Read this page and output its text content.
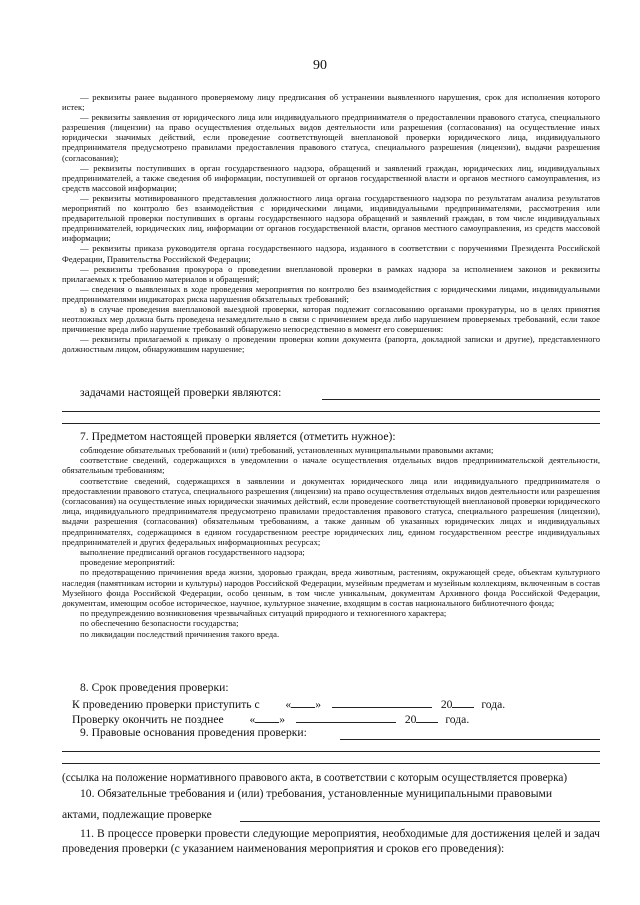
90

— реквизиты ранее выданного проверяемому лицу предписания об устранении выявленного нарушения, срок для исполнения которого истек;

— реквизиты заявления от юридического лица или индивидуального предпринимателя о предоставлении правового статуса, специального разрешения (лицензии) на право осуществления отдельных видов деятельности или разрешения (согласования) на осуществление иных юридически значимых действий, если проведение соответствующей внеплановой проверки юридического лица, индивидуального предпринимателя предусмотрено правилами предоставления правового статуса, специального разрешения (лицензии), выдачи разрешения (согласования);

— реквизиты поступивших в орган государственного надзора, обращений и заявлений граждан, юридических лиц, индивидуальных предпринимателей, а также сведения об информации, поступившей от органов государственной власти и органов местного самоуправления, из средств массовой информации;

— реквизиты мотивированного представления должностного лица органа государственного надзора по результатам анализа результатов мероприятий по контролю без взаимодействия с юридическими лицами, индивидуальными предпринимателями, рассмотрения или предварительной проверки поступивших в органы государственного надзора обращений и заявлений граждан, в том числе индивидуальных предпринимателей, юридических лиц, информации от органов государственной власти, органов местного самоуправления, из средств массовой информации;

— реквизиты приказа руководителя органа государственного надзора, изданного в соответствии с поручениями Президента Российской Федерации, Правительства Российской Федерации;

— реквизиты требования прокурора о проведении внеплановой проверки в рамках надзора за исполнением законов и реквизиты прилагаемых к требованию материалов и обращений;

— сведения о выявленных в ходе проведения мероприятия по контролю без взаимодействия с юридическими лицами, индивидуальными предпринимателями индикаторах риска нарушения обязательных требований;

в) в случае проведения внеплановой выездной проверки, которая подлежит согласованию органами прокуратуры, но в целях принятия неотложных мер должна быть проведена незамедлительно в связи с причинением вреда либо нарушением проверяемых требований, если такое причинение вреда либо нарушение требований обнаружено непосредственно в момент его совершения:

— реквизиты прилагаемой к приказу о проведении проверки копии документа (рапорта, докладной записки и другие), представленного должностным лицом, обнаружившим нарушение;

задачами настоящей проверки являются:
7. Предметом настоящей проверки является (отметить нужное):

соблюдение обязательных требований и (или) требований, установленных муниципальными правовыми актами;

соответствие сведений, содержащихся в уведомлении о начале осуществления отдельных видов предпринимательской деятельности, обязательным требованиям;

соответствие сведений, содержащихся в заявлении и документах юридического лица или индивидуального предпринимателя о предоставлении правового статуса, специального разрешения (лицензии) на право осуществления отдельных видов деятельности или разрешения (согласования) на осуществление иных юридически значимых действий, если проведение соответствующей внеплановой проверки юридического лица, индивидуального предпринимателя предусмотрено правилами предоставления правового статуса, специального разрешения (лицензии), выдачи разрешения (согласования) обязательным требованиям, а также данным об указанных юридических лицах и индивидуальных предпринимателях, содержащимся в едином государственном реестре юридических лиц, едином государственном реестре индивидуальных предпринимателей и других федеральных информационных ресурсах;

выполнение предписаний органов государственного надзора;

проведение мероприятий:

по предотвращению причинения вреда жизни, здоровью граждан, вреда животным, растениям, окружающей среде, объектам культурного наследия (памятникам истории и культуры) народов Российской Федерации, музейным предметам и музейным коллекциям, включенным в состав Музейного фонда Российской Федерации, особо ценным, в том числе уникальным, документам Архивного фонда Российской Федерации, документам, имеющим особое историческое, научное, культурное значение, входящим в состав национального библиотечного фонда;

по предупреждению возникновения чрезвычайных ситуаций природного и техногенного характера;

по обеспечению безопасности государства;

по ликвидации последствий причинения такого вреда.

8. Срок проведения проверки:
К проведению проверки приступить с « »	20 года.
Проверку окончить не позднее « »	20 года.
9. Правовые основания проведения проверки:
(ссылка на положение нормативного правового акта, в соответствии с которым осуществляется проверка)

10. Обязательные требования и (или) требования, установленные муниципальными правовыми

актами, подлежащие проверке

11. В процессе проверки провести следующие мероприятия, необходимые для достижения целей и задач проведения проверки (с указанием наименования мероприятия и сроков его проведения):
